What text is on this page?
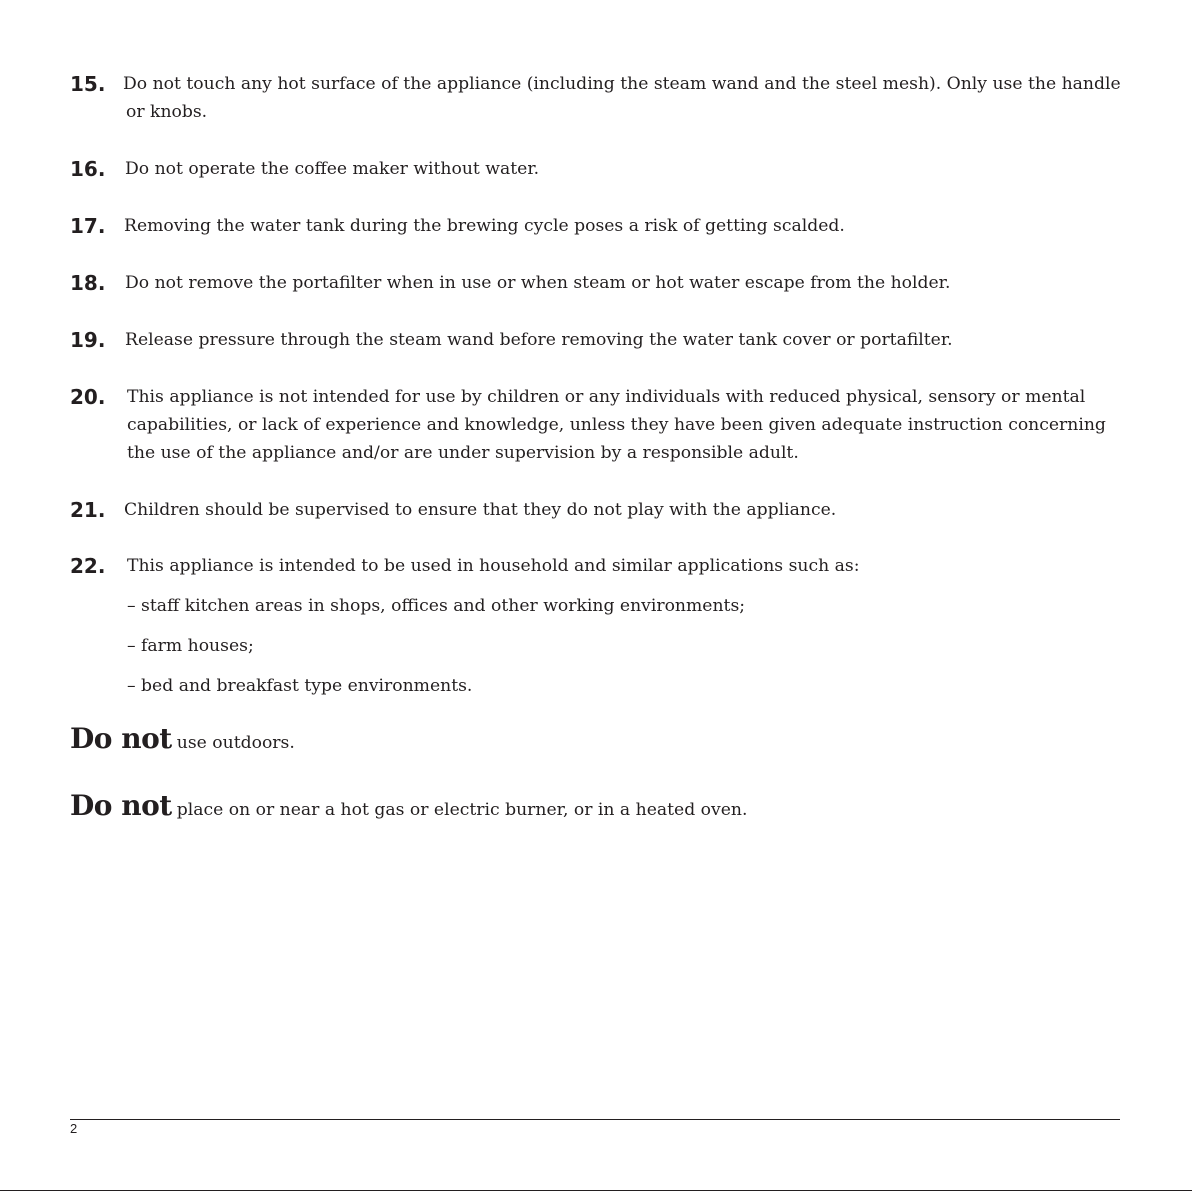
15. Do not touch any hot surface of the appliance (including the steam wand and the steel mesh). Only use the handle
or knobs.
16. Do not operate the coffee maker without water.
17. Removing the water tank during the brewing cycle poses a risk of getting scalded.
18. Do not remove the portafilter when in use or when steam or hot water escape from the holder.
19. Release pressure through the steam wand before removing the water tank cover or portafilter.
20. This appliance is not intended for use by children or any individuals with reduced physical, sensory or mental
capabilities, or lack of experience and knowledge, unless they have been given adequate instruction concerning
the use of the appliance and/or are under supervision by a responsible adult.
21. Children should be supervised to ensure that they do not play with the appliance.
22. This appliance is intended to be used in household and similar applications such as:
– staff kitchen areas in shops, offices and other working environments;
– farm houses;
– bed and breakfast type environments.
Do not use outdoors.
Do not place on or near a hot gas or electric burner, or in a heated oven.
2
